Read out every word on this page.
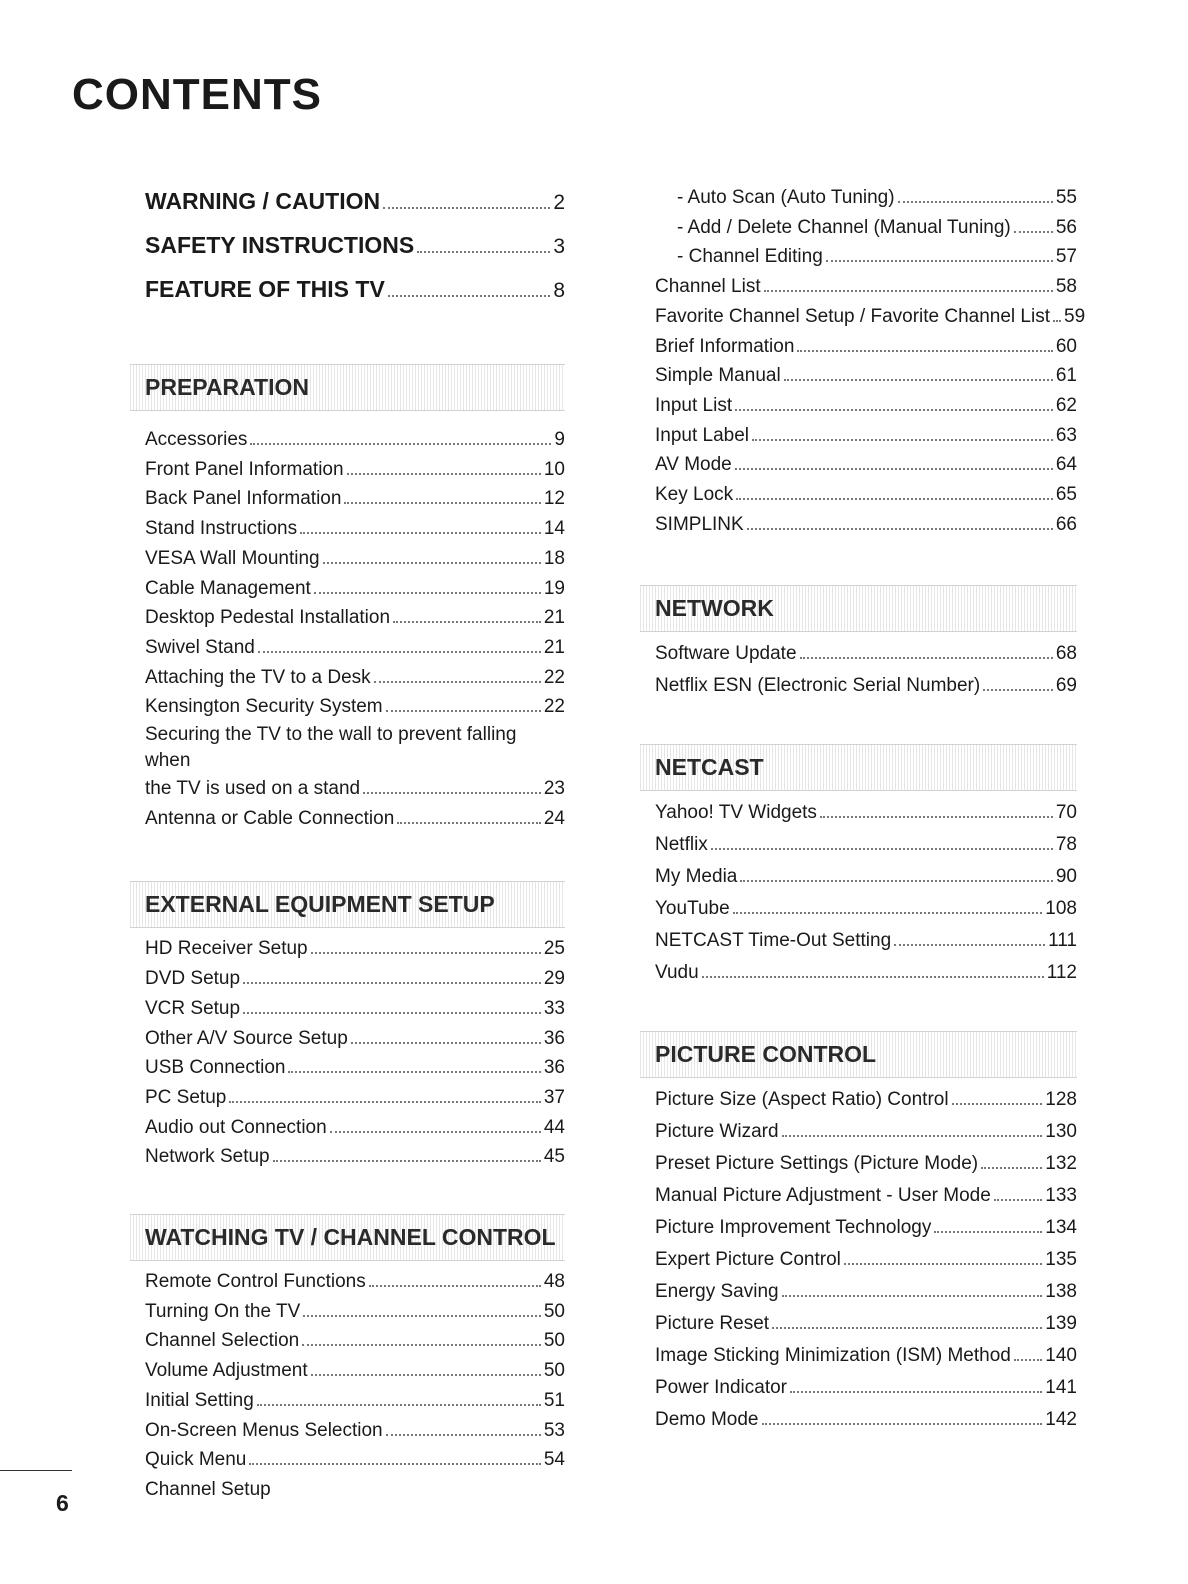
CONTENTS
WARNING / CAUTION	2
SAFETY INSTRUCTIONS	3
FEATURE OF THIS TV	8
PREPARATION
Accessories	9
Front Panel Information	10
Back Panel Information	12
Stand Instructions	14
VESA Wall Mounting	18
Cable Management	19
Desktop Pedestal Installation	21
Swivel Stand	21
Attaching the TV to a Desk	22
Kensington Security System	22
Securing the TV to the wall to prevent falling when
the TV is used on a stand	23
Antenna or Cable Connection	24
EXTERNAL EQUIPMENT SETUP
HD Receiver Setup	25
DVD Setup	29
VCR Setup	33
Other A/V Source Setup	36
USB Connection	36
PC Setup	37
Audio out Connection	44
Network Setup	45
WATCHING TV / CHANNEL CONTROL
Remote Control Functions	48
Turning On the TV	50
Channel Selection	50
Volume Adjustment	50
Initial Setting	51
On-Screen Menus Selection	53
Quick Menu	54
Channel Setup
- Auto Scan (Auto Tuning)	55
- Add / Delete Channel (Manual Tuning) 56
- Channel Editing	57
Channel List	58
Favorite Channel Setup / Favorite Channel List 59
Brief Information	60
Simple Manual	61
Input List	62
Input Label	63
AV Mode	64
Key Lock	65
SIMPLINK	66
NETWORK
Software Update	68
Netflix ESN (Electronic Serial Number)	69
NETCAST
Yahoo! TV Widgets	70
Netflix	78
My Media	90
YouTube	108
NETCAST Time-Out Setting	111
Vudu	112
PICTURE CONTROL
Picture Size (Aspect Ratio) Control	128
Picture Wizard	130
Preset Picture Settings (Picture Mode)	132
Manual Picture Adjustment - User Mode	133
Picture Improvement Technology	134
Expert Picture Control	135
Energy Saving	138
Picture Reset	139
Image Sticking Minimization (ISM) Method 140
Power Indicator	141
Demo Mode	142
6
